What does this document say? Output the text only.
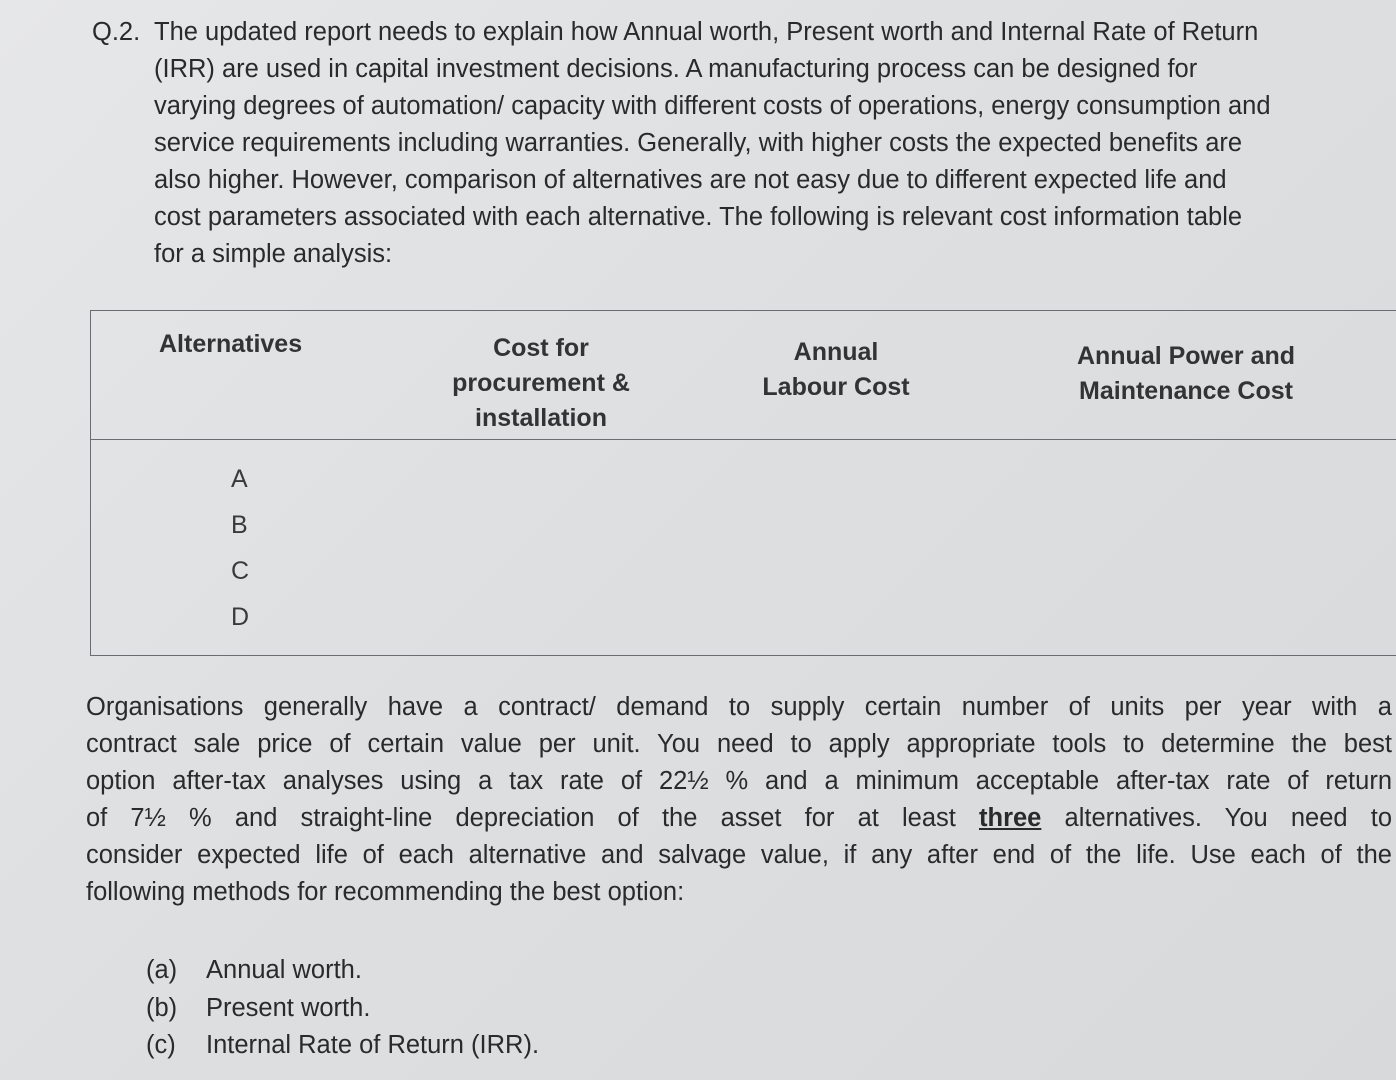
Q.2. The updated report needs to explain how Annual worth, Present worth and Internal Rate of Return
(IRR) are used in capital investment decisions. A manufacturing process can be designed for
varying degrees of automation/ capacity with different costs of operations, energy consumption and
service requirements including warranties. Generally, with higher costs the expected benefits are
also higher. However, comparison of alternatives are not easy due to different expected life and
cost parameters associated with each alternative. The following is relevant cost information table
for a simple analysis:
Alternatives	Cost for
procurement &
installation
Annual
Labour Cost
Annual Power and
Maintenance Cost
A
B
C
D
Organisations generally have a contract/ demand to supply certain number of units per year with a
contract sale price of certain value per unit. You need to apply appropriate tools to determine the best
option after-tax analyses using a tax rate of 22½ % and a minimum acceptable after-tax rate of return
of 7½ % and straight-line depreciation of the asset for at least three alternatives. You need to
consider expected life of each alternative and salvage value, if any after end of the life. Use each of the
following methods for recommending the best option:
(a) Annual worth.
(b) Present worth.
(c) Internal Rate of Return (IRR).
